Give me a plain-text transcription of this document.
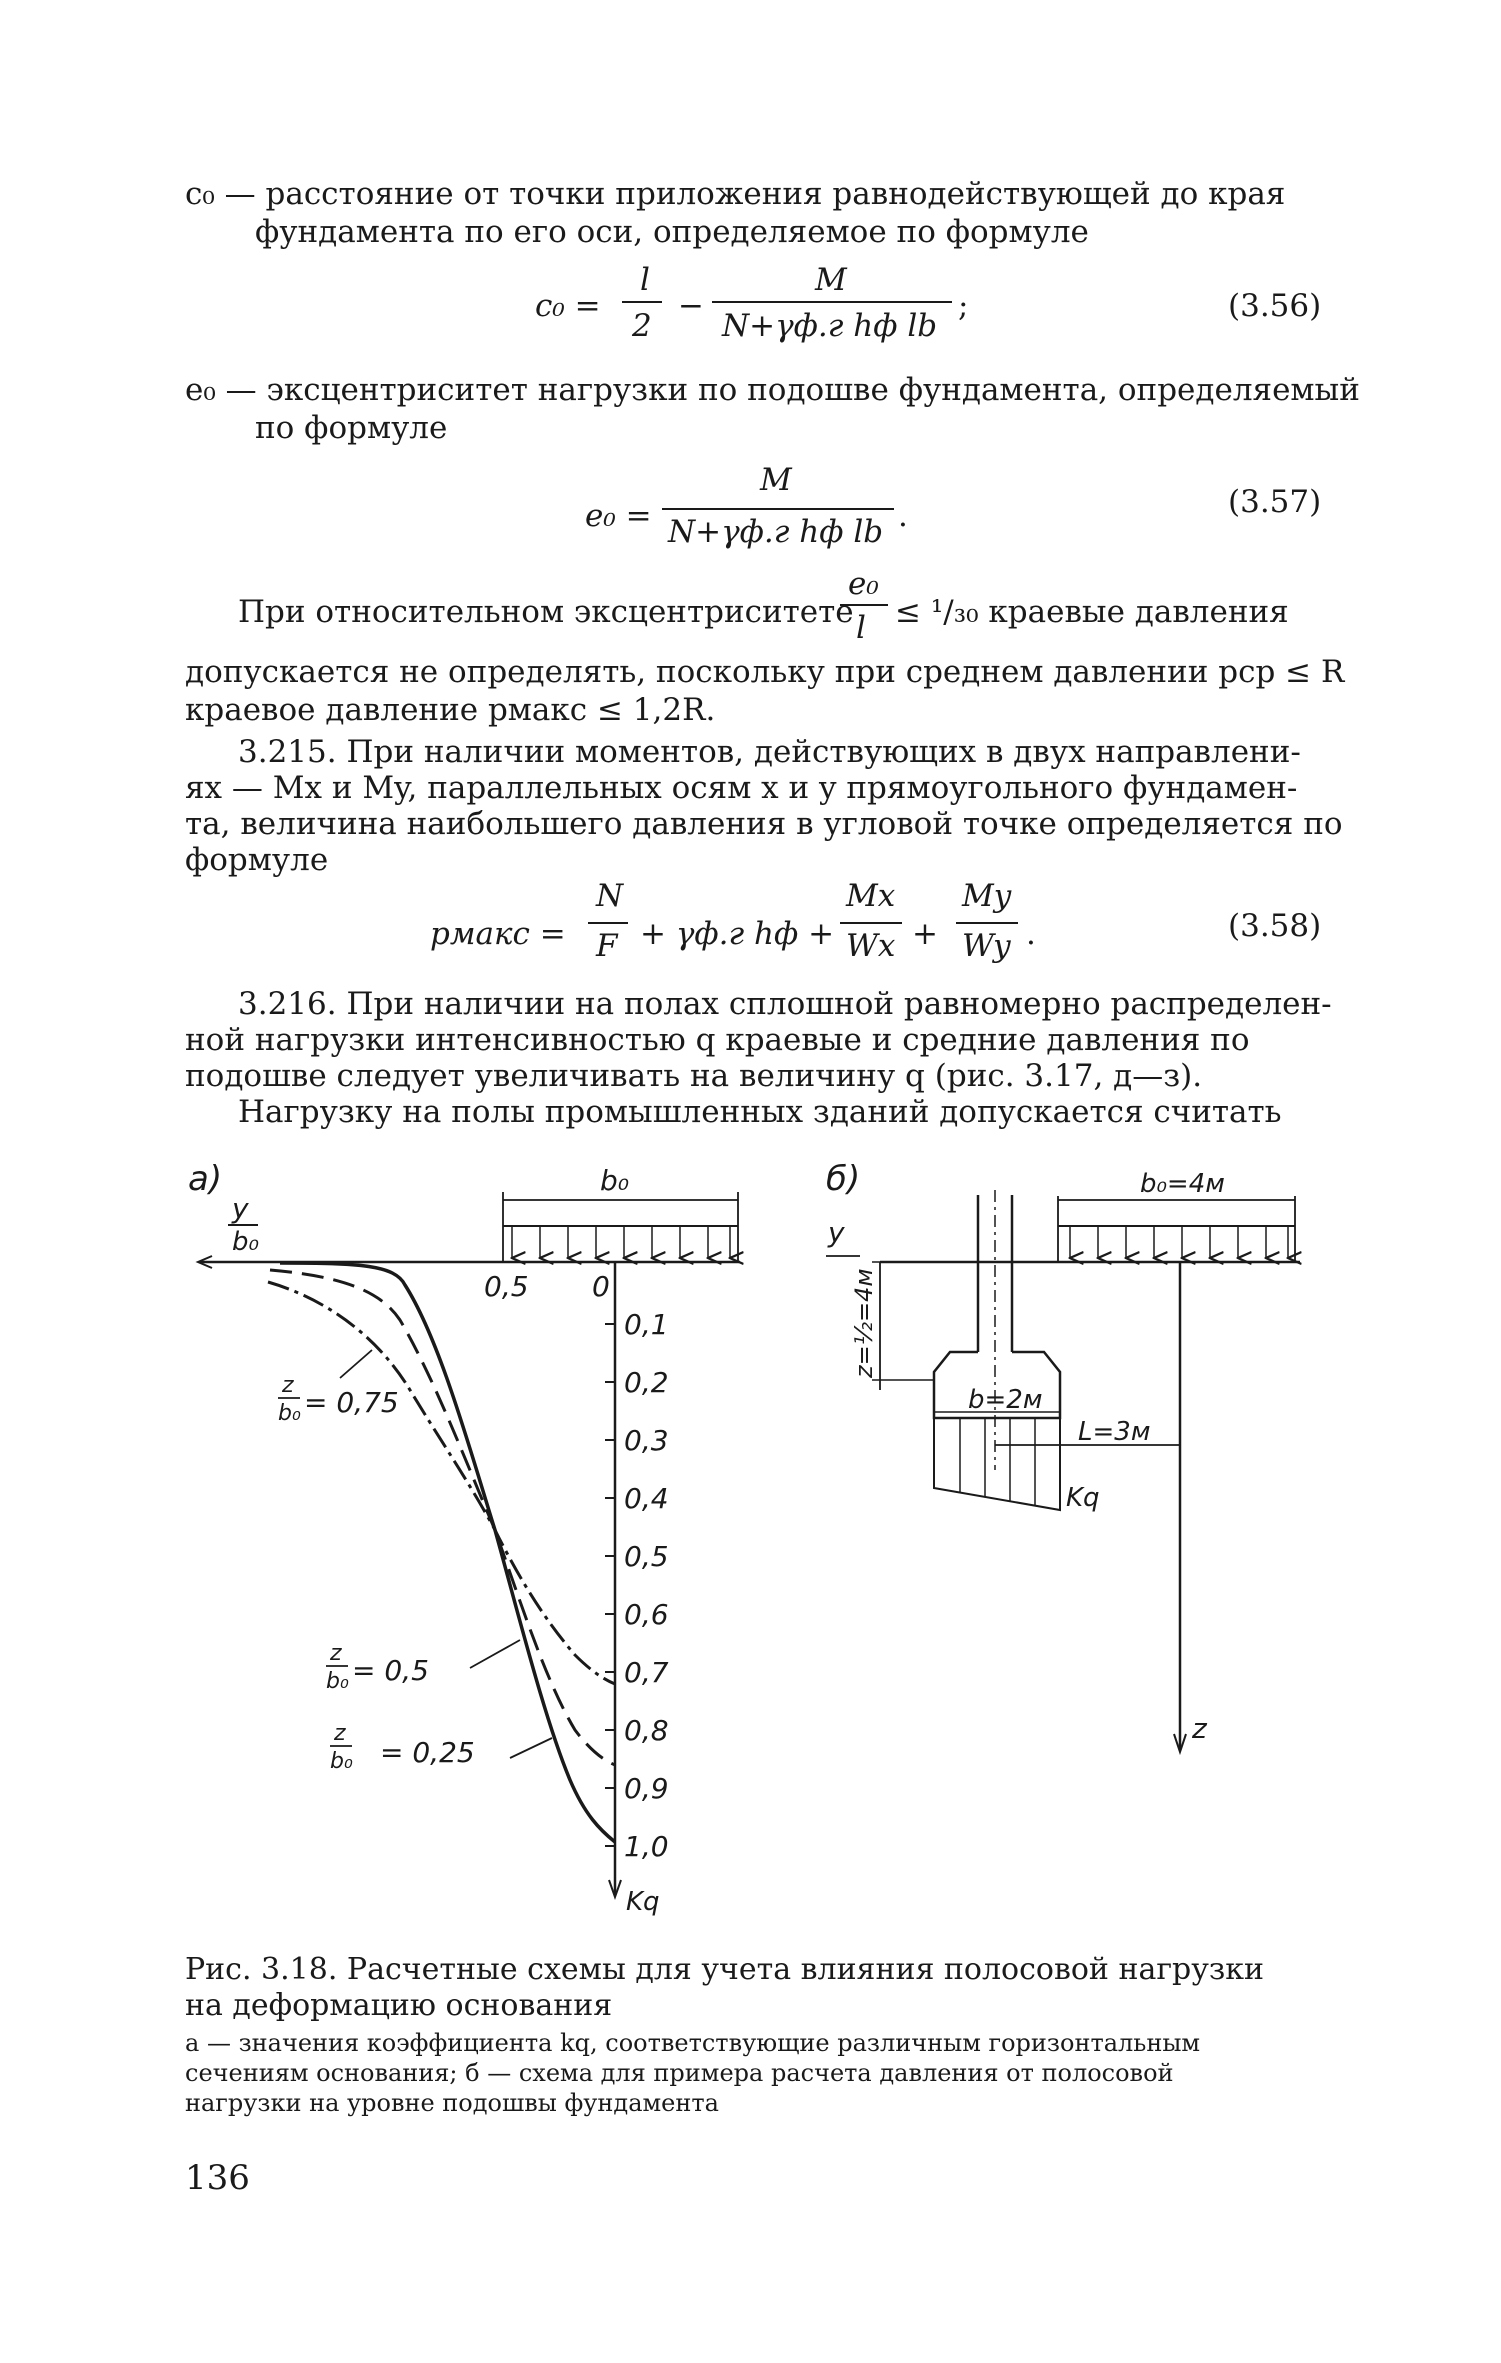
c₀ — расстояние от точки приложения равнодействующей до края
фундамента по его оси, определяемое по формуле
c₀ =
l
2
−
M
N+γф.г hф lb
;	(3.56)
e₀ — эксцентриситет нагрузки по подошве фундамента, определяемый
по формуле
e₀ =
M
N+γф.г hф lb .	(3.57)
При относительном эксцентриситете
e₀
l ≤ ¹/₃₀ краевые давления
допускается не определять, поскольку при среднем давлении pср ≤ R
краевое давление pмакс ≤ 1,2R.
3.215. При наличии моментов, действующих в двух направлени-
ях — Mx и My, параллельных осям x и y прямоугольного фундамен-
та, величина наибольшего давления в угловой точке определяется по
формуле
pмакс =
N
F + γф.г hф +
Mx
Wx +
My
Wy .	(3.58)
3.216. При наличии на полах сплошной равномерно распределен-
ной нагрузки интенсивностью q краевые и средние давления по
подошве следует увеличивать на величину q (рис. 3.17, д—з).
Нагрузку на полы промышленных зданий допускается считать
а)
y
b₀
b₀
0,5 0
0,1
0,2
0,3
0,4
0,5
0,6
0,7
0,8
0,9
1,0
Kq
z
b₀ = 0,75
z
b₀ = 0,5
z
b₀ = 0,25
б)
y
b₀=4м
z=½=4м
b=2м
L=3м
Kq
z
Рис. 3.18. Расчетные схемы для учета влияния полосовой нагрузки
на деформацию основания
а — значения коэффициента kq, соответствующие различным горизонтальным
сечениям основания; б — схема для примера расчета давления от полосовой
нагрузки на уровне подошвы фундамента
136
